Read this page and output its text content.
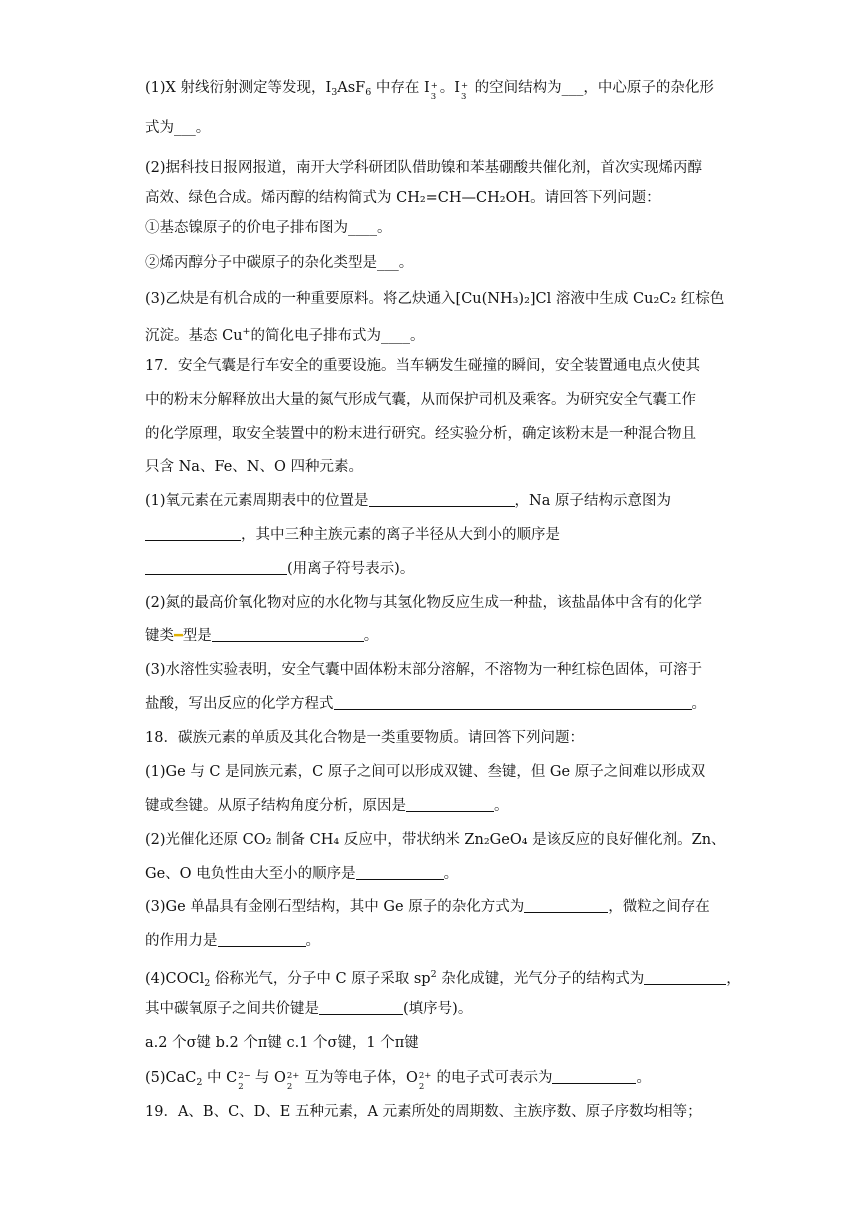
(1)X 射线衍射测定等发现，$I_3AsF_6$ 中存在 I +
3
。I +
3
的空间结构为___，中心原子的杂化形
式为___。
(2)据科技日报网报道，南开大学科研团队借助镍和苯基硼酸共催化剂，首次实现烯丙醇
高效、绿色合成。烯丙醇的结构简式为 CH₂=CH—CH₂OH。请回答下列问题：
①基态镍原子的价电子排布图为____。
②烯丙醇分子中碳原子的杂化类型是___。
(3)乙炔是有机合成的一种重要原料。将乙炔通入[Cu(NH₃)₂]Cl 溶液中生成 Cu₂C₂ 红棕色
沉淀。基态 Cu+的简化电子排布式为____。
17．安全气囊是行车安全的重要设施。当车辆发生碰撞的瞬间，安全装置通电点火使其
中的粉末分解释放出大量的氮气形成气囊，从而保护司机及乘客。为研究安全气囊工作
的化学原理，取安全装置中的粉末进行研究。经实验分析，确定该粉末是一种混合物且
只含 Na、Fe、N、O 四种元素。
(1)氧元素在元素周期表中的位置是	，Na 原子结构示意图为
，其中三种主族元素的离子半径从大到小的顺序是
(用离子符号表示)。
(2)氮的最高价氧化物对应的水化物与其氢化物反应生成一种盐，该盐晶体中含有的化学
键类━型是	。
(3)水溶性实验表明，安全气囊中固体粉末部分溶解，不溶物为一种红棕色固体，可溶于
盐酸，写出反应的化学方程式	。
18．碳族元素的单质及其化合物是一类重要物质。请回答下列问题：
(1)Ge 与 C 是同族元素，C 原子之间可以形成双键、叁键，但 Ge 原子之间难以形成双
键或叁键。从原子结构角度分析，原因是	。
(2)光催化还原 CO₂ 制备 CH₄ 反应中，带状纳米 Zn₂GeO₄ 是该反应的良好催化剂。Zn、
Ge、O 电负性由大至小的顺序是	。
(3)Ge 单晶具有金刚石型结构，其中 Ge 原子的杂化方式为	，微粒之间存在
的作用力是	。
(4)COCl$_2$ 俗称光气，分子中 C 原子采取 $sp^2$ 杂化成键，光气分子的结构式为	，
其中碳氧原子之间共价键是	(填序号)。
a.2 个σ键 b.2 个π键 c.1 个σ键，1 个π键
(5)CaC$_2$ 中 C 2−
2
与 O 2+
2
互为等电子体，O 2+
2
的电子式可表示为	。
19．A、B、C、D、E 五种元素，A 元素所处的周期数、主族序数、原子序数均相等；
